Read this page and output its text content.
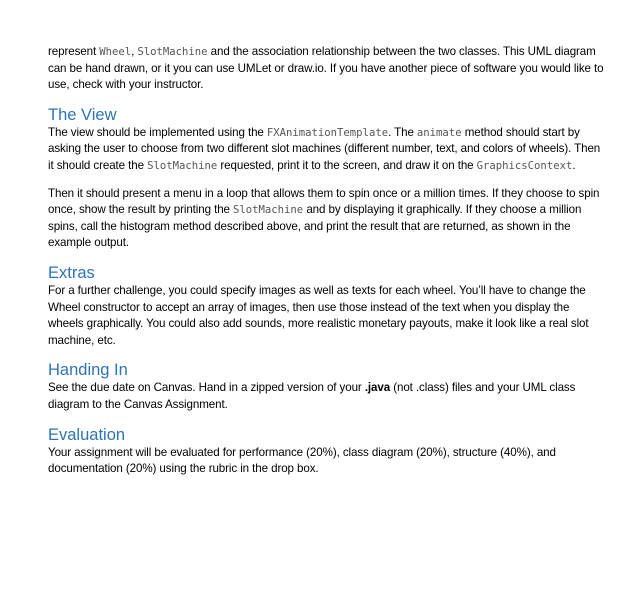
represent Wheel, SlotMachine and the association relationship between the two classes. This UML diagram can be hand drawn, or it you can use UMLet or draw.io. If you have another piece of software you would like to use, check with your instructor.

The View

The view should be implemented using the FXAnimationTemplate. The animate method should start by asking the user to choose from two different slot machines (different number, text, and colors of wheels). Then it should create the SlotMachine requested, print it to the screen, and draw it on the GraphicsContext.

Then it should present a menu in a loop that allows them to spin once or a million times. If they choose to spin once, show the result by printing the SlotMachine and by displaying it graphically. If they choose a million spins, call the histogram method described above, and print the result that are returned, as shown in the example output.

Extras

For a further challenge, you could specify images as well as texts for each wheel. You’ll have to change the Wheel constructor to accept an array of images, then use those instead of the text when you display the wheels graphically. You could also add sounds, more realistic monetary payouts, make it look like a real slot machine, etc.

Handing In

See the due date on Canvas. Hand in a zipped version of your .java (not .class) files and your UML class diagram to the Canvas Assignment.

Evaluation

Your assignment will be evaluated for performance (20%), class diagram (20%), structure (40%), and documentation (20%) using the rubric in the drop box.
